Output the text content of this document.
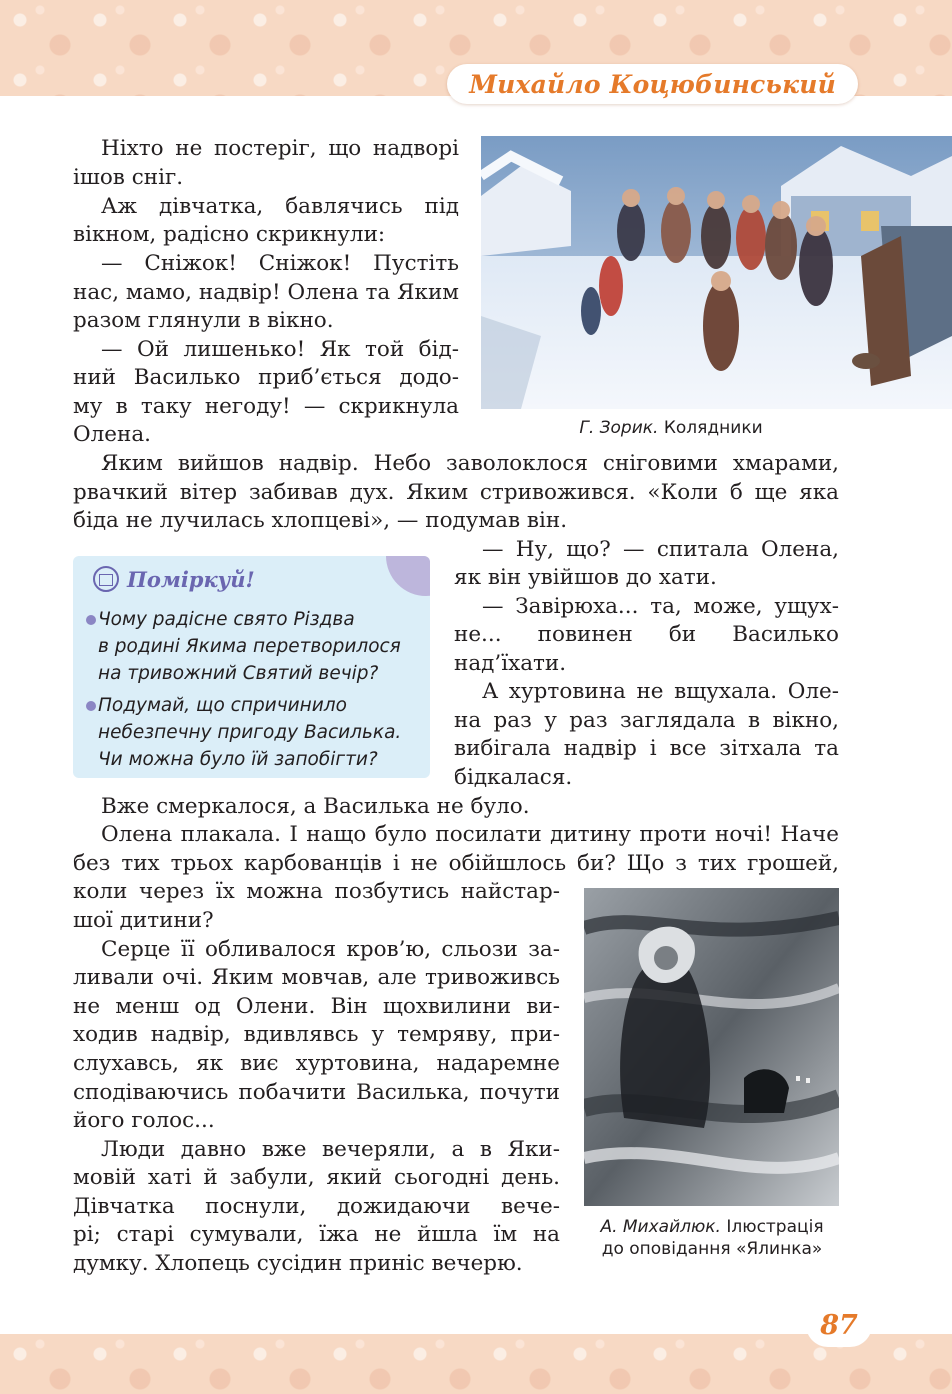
Михайло Коцюбинський
Г. Зорик. Колядники
Ніхто не постеріг, що надворі
ішов сніг.
Аж дівчатка, бавлячись під
вікном, радісно скрикнули:
— Сніжок! Сніжок! Пустіть
нас, мамо, надвір! Олена та Яким
разом глянули в вікно.
— Ой лишенько! Як той бід-
ний Василько приб’ється додо-
му в таку негоду! — скрикнула
Олена.
Яким вийшов надвір. Небо заволоклося сніговими хмарами,
рвачкий вітер забивав дух. Яким стривожився. «Коли б ще яка
біда не лучилась хлопцеві», — подумав він.
Поміркуй!
Чому радісне свято Різдва
в родині Якима перетворилося
на тривожний Святий вечір?
Подумай, що спричинило
небезпечну пригоду Василька.
Чи можна було їй запобігти?
— Ну, що? — спитала Олена,
як він увійшов до хати.
— Завірюха... та, може, ущух-
не... повинен би Василько
над’їхати.
А хуртовина не вщухала. Оле-
на раз у раз заглядала в вікно,
вибігала надвір і все зітхала та
бідкалася.
Вже смеркалося, а Василька не було.
Олена плакала. І нащо було посилати дитину проти ночі! Наче
без тих трьох карбованців і не обійшлось би? Що з тих грошей,
коли через їх можна позбутись найстар-
шої дитини?
А. Михайлюк. Ілюстрація
до оповідання «Ялинка»
Серце її обливалося кров’ю, сльози за-
ливали очі. Яким мовчав, але тривоживсь
не менш од Олени. Він щохвилини ви-
ходив надвір, вдивлявсь у темряву, при-
слухавсь, як виє хуртовина, надаремне
сподіваючись побачити Василька, почути
його голос...
Люди давно вже вечеряли, а в Яки-
мовій хаті й забули, який сьогодні день.
Дівчатка поснули, дожидаючи вече-
рі; старі сумували, їжа не йшла їм на
думку. Хлопець сусідин приніс вечерю.
87
